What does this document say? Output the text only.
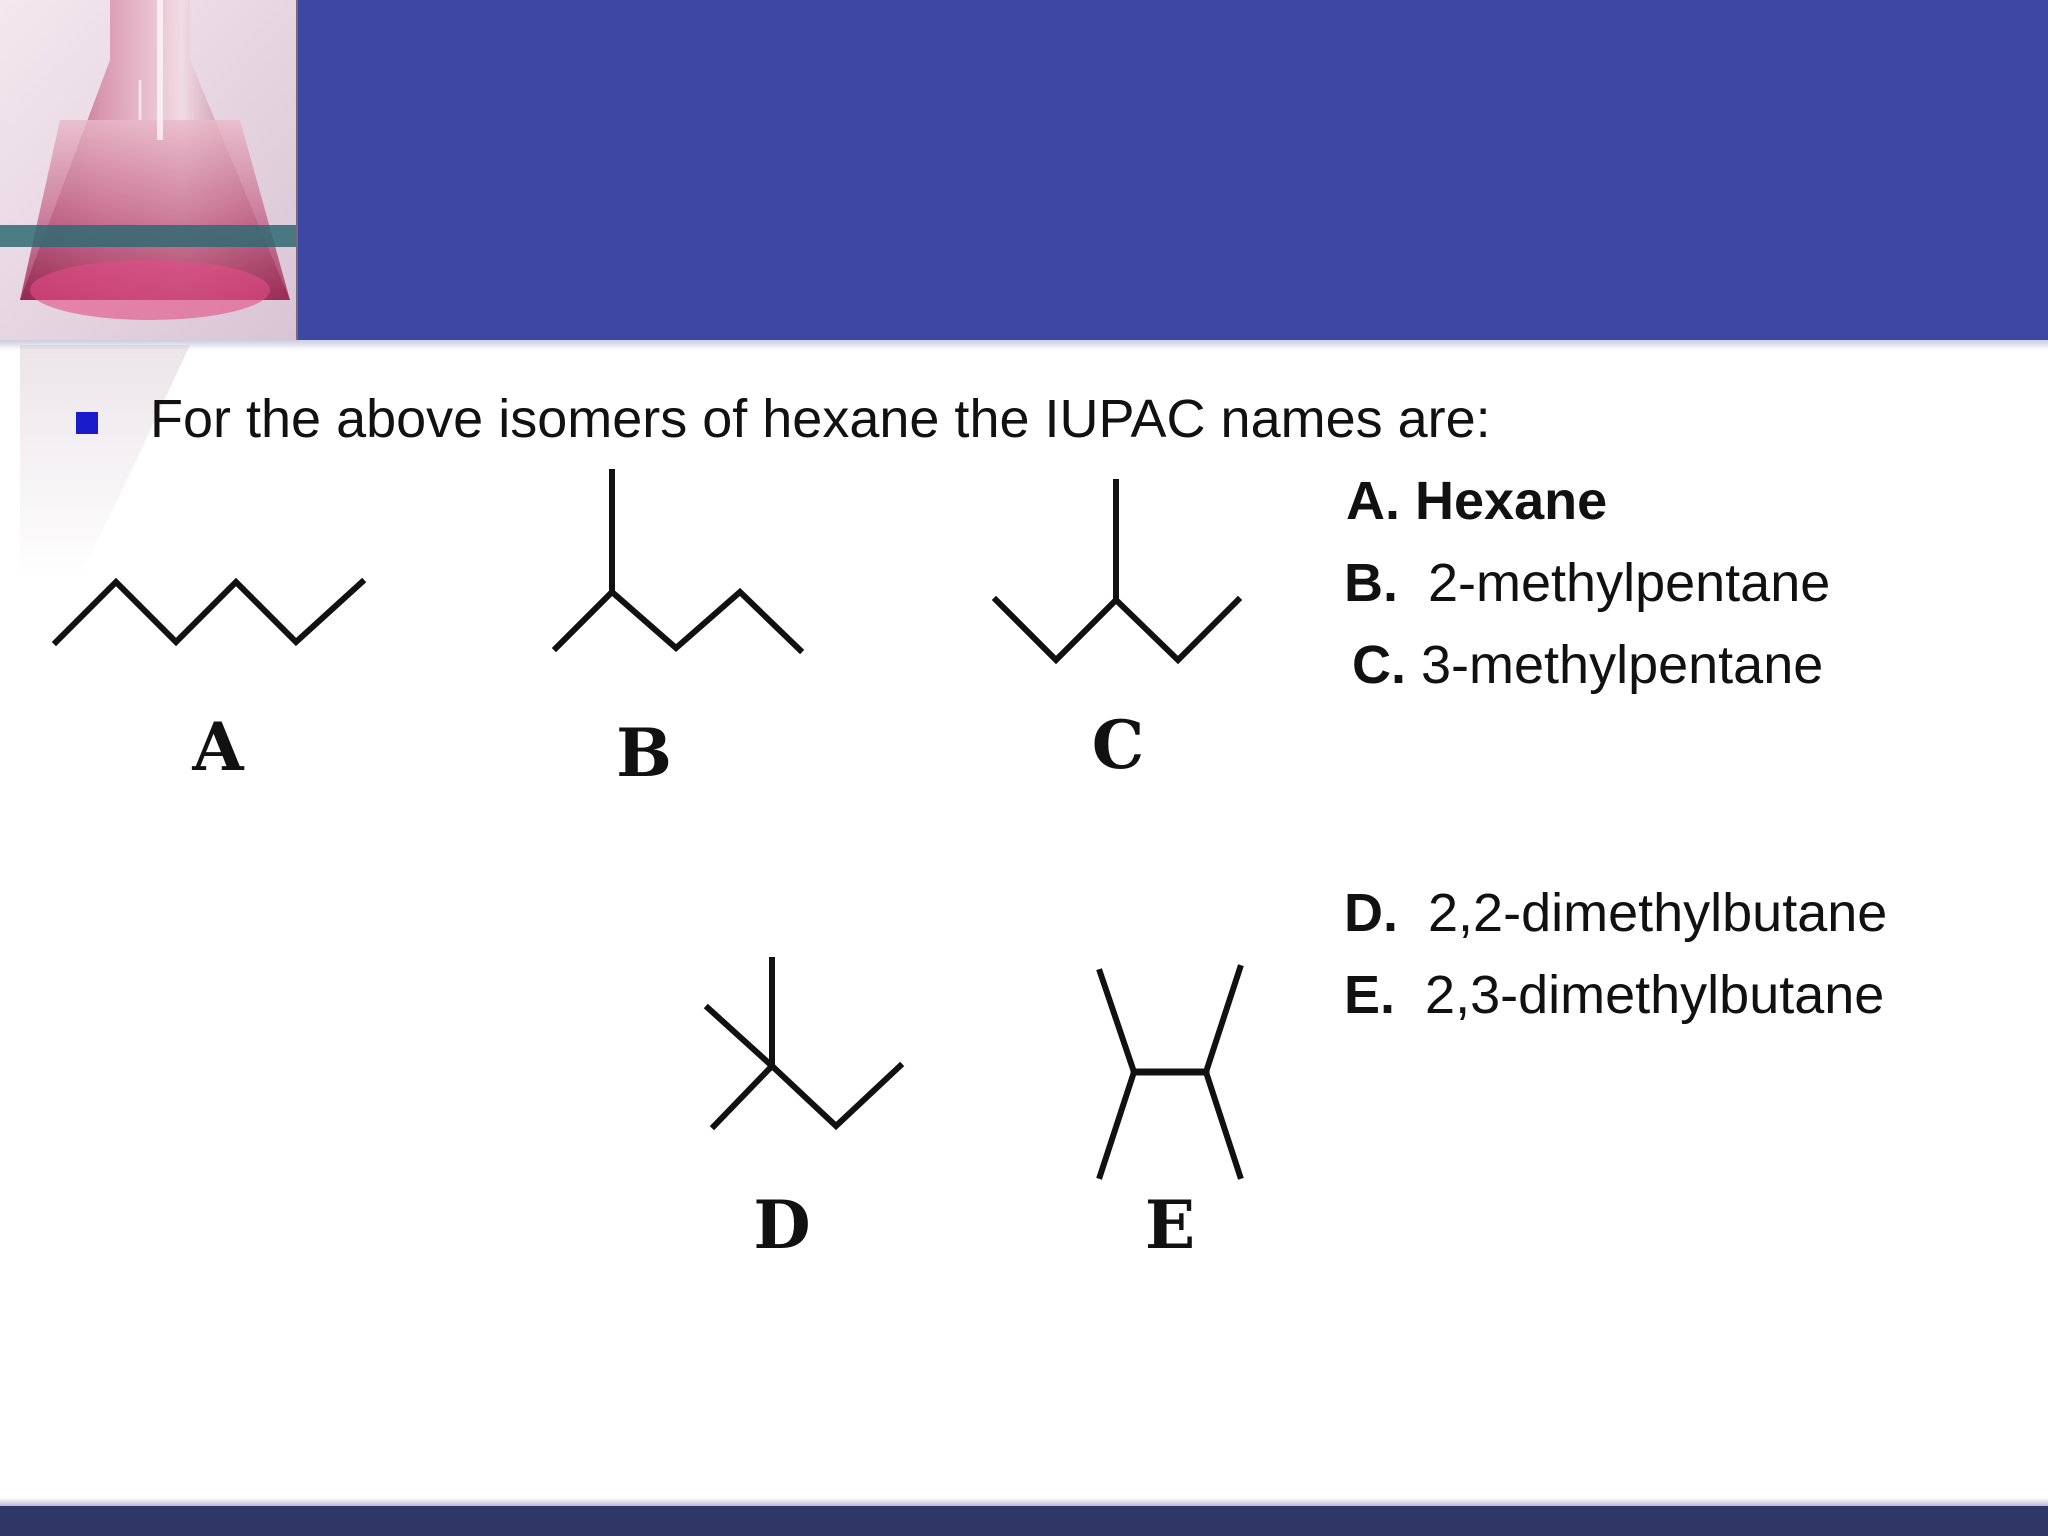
For the above isomers of hexane the IUPAC names are:
A	B	C
D	E
A. Hexane
B. 2-methylpentane
C. 3-methylpentane
D. 2,2-dimethylbutane
E. 2,3-dimethylbutane
